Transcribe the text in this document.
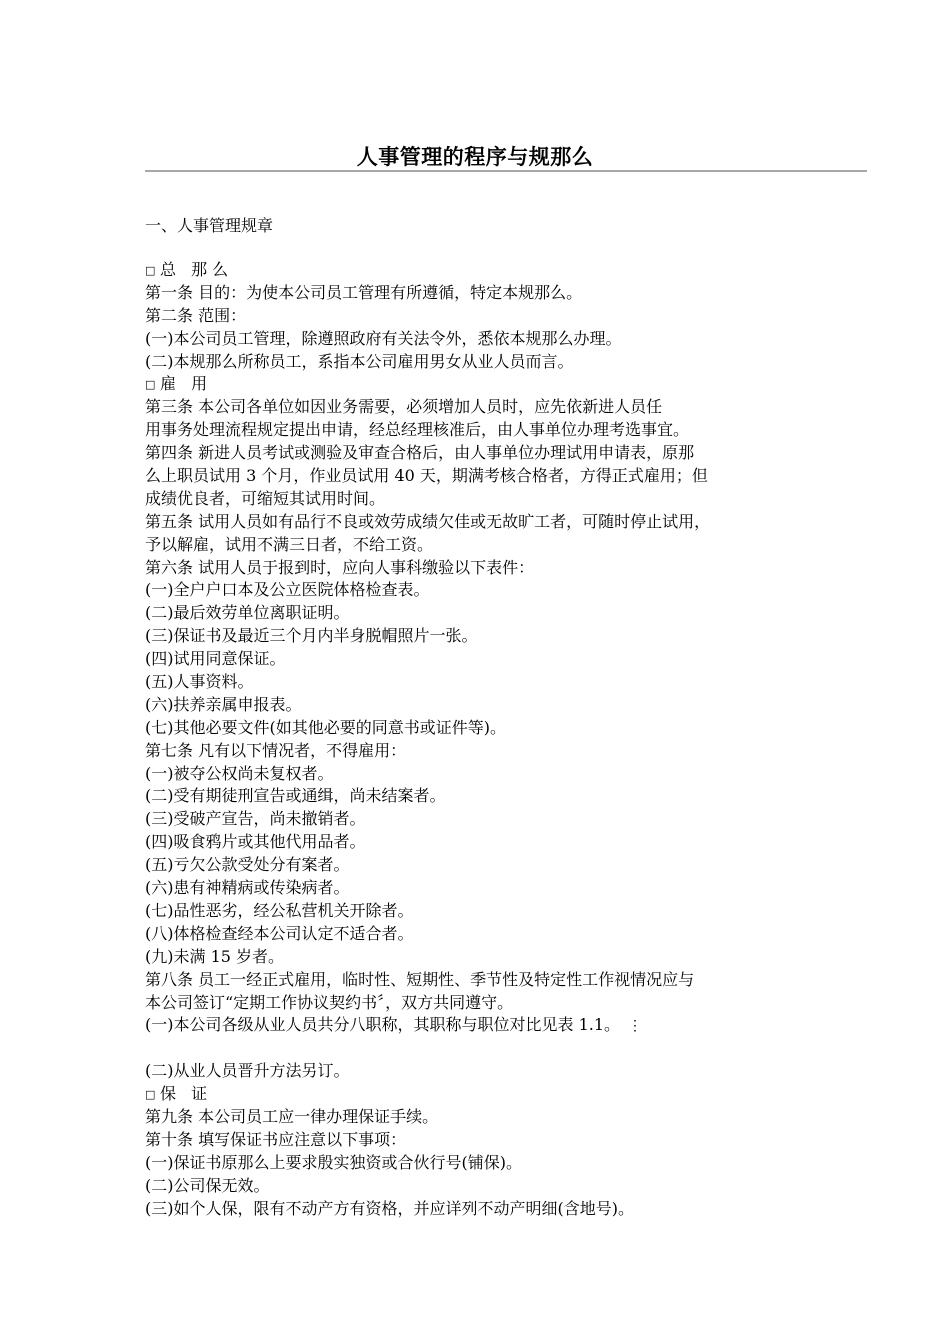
人事管理的程序与规那么
一、人事管理规章
□ 总 那么
第一条 目的：为使本公司员工管理有所遵循，特定本规那么。
第二条 范围：
(一)本公司员工管理，除遵照政府有关法令外，悉依本规那么办理。
(二)本规那么所称员工，系指本公司雇用男女从业人员而言。
□ 雇 用
第三条 本公司各单位如因业务需要，必须增加人员时，应先依新进人员任
用事务处理流程规定提出申请，经总经理核准后，由人事单位办理考选事宜。
第四条 新进人员考试或测验及审查合格后，由人事单位办理试用申请表，原那
么上职员试用 3 个月，作业员试用 40 天，期满考核合格者，方得正式雇用；但
成绩优良者，可缩短其试用时间。
第五条 试用人员如有品行不良或效劳成绩欠佳或无故旷工者，可随时停止试用，
予以解雇，试用不满三日者，不给工资。
第六条 试用人员于报到时，应向人事科缴验以下表件：
(一)全户户口本及公立医院体格检查表。
(二)最后效劳单位离职证明。
(三)保证书及最近三个月内半身脱帽照片一张。
(四)试用同意保证。
(五)人事资料。
(六)扶养亲属申报表。
(七)其他必要文件(如其他必要的同意书或证件等)。
第七条 凡有以下情况者，不得雇用：
(一)被夺公权尚未复权者。
(二)受有期徒刑宣告或通缉，尚未结案者。
(三)受破产宣告，尚未撤销者。
(四)吸食鸦片或其他代用品者。
(五)亏欠公款受处分有案者。
(六)患有神精病或传染病者。
(七)品性恶劣，经公私营机关开除者。
(八)体格检查经本公司认定不适合者。
(九)未满 15 岁者。
第八条 员工一经正式雇用，临时性、短期性、季节性及特定性工作视情况应与
本公司签订“定期工作协议契约书〞，双方共同遵守。
(一)本公司各级从业人员共分八职称，其职称与职位对比见表 1.1。 ⋮
(二)从业人员晋升方法另订。
□ 保 证
第九条 本公司员工应一律办理保证手续。
第十条 填写保证书应注意以下事项：
(一)保证书原那么上要求殷实独资或合伙行号(铺保)。
(二)公司保无效。
(三)如个人保，限有不动产方有资格，并应详列不动产明细(含地号)。
